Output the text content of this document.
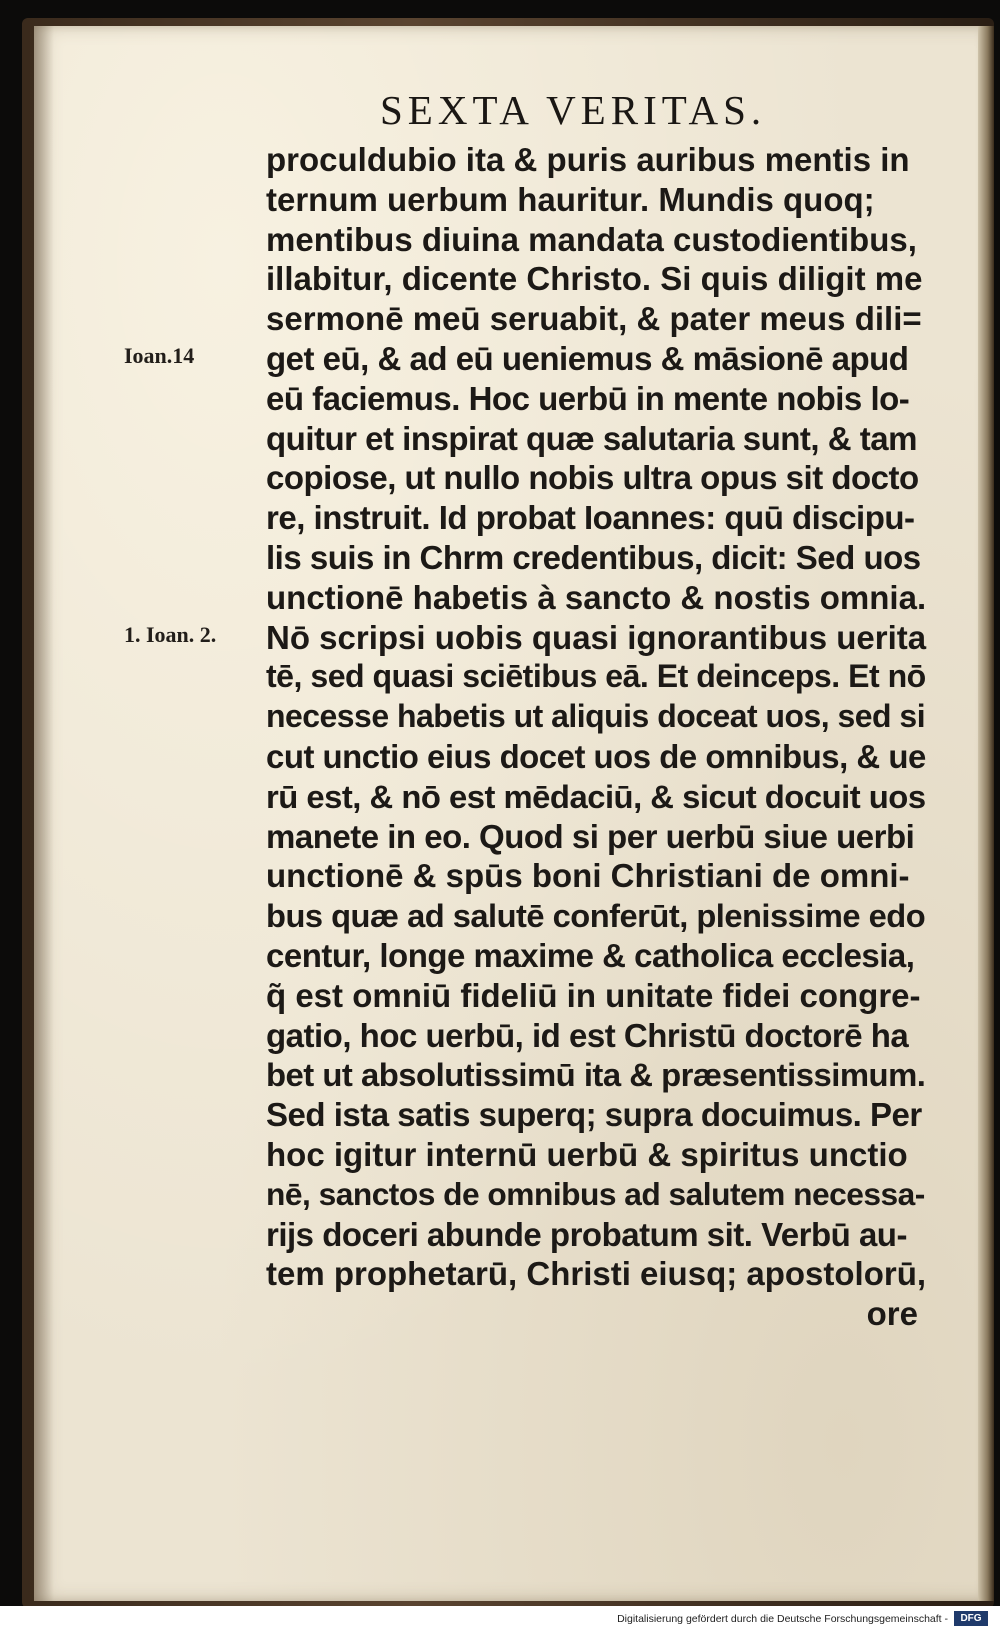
SEXTA VERITAS.
Ioan.14
1. Ioan. 2.
proculdubio ita & puris auribus mentis in
ternum uerbum hauritur. Mundis quoq;
mentibus diuina mandata custodientibus,
illabitur, dicente Christo. Si quis diligit me
sermonē meū seruabit, & pater meus dili=
get eū, & ad eū ueniemus & māsionē apud
eū faciemus. Hoc uerbū in mente nobis lo-
quitur et inspirat quæ salutaria sunt, & tam
copiose, ut nullo nobis ultra opus sit docto
re, instruit. Id probat Ioannes: quū discipu-
lis suis in Chrm credentibus, dicit: Sed uos
unctionē habetis à sancto & nostis omnia.
Nō scripsi uobis quasi ignorantibus uerita
tē, sed quasi sciētibus eā. Et deinceps. Et nō
necesse habetis ut aliquis doceat uos, sed si
cut unctio eius docet uos de omnibus, & ue
rū est, & nō est mēdaciū, & sicut docuit uos
manete in eo. Quod si per uerbū siue uerbi
unctionē & spūs boni Christiani de omni-
bus quæ ad salutē conferūt, plenissime edo
centur, longe maxime & catholica ecclesia,
q̃ est omniū fideliū in unitate fidei congre-
gatio, hoc uerbū, id est Christū doctorē ha
bet ut absolutissimū ita & præsentissimum.
Sed ista satis superq; supra docuimus. Per
hoc igitur internū uerbū & spiritus unctio
nē, sanctos de omnibus ad salutem necessa-
rijs doceri abunde probatum sit. Verbū au-
tem prophetarū, Christi eiusq; apostolorū,
ore
Digitalisierung gefördert durch die Deutsche Forschungsgemeinschaft -	DFG
